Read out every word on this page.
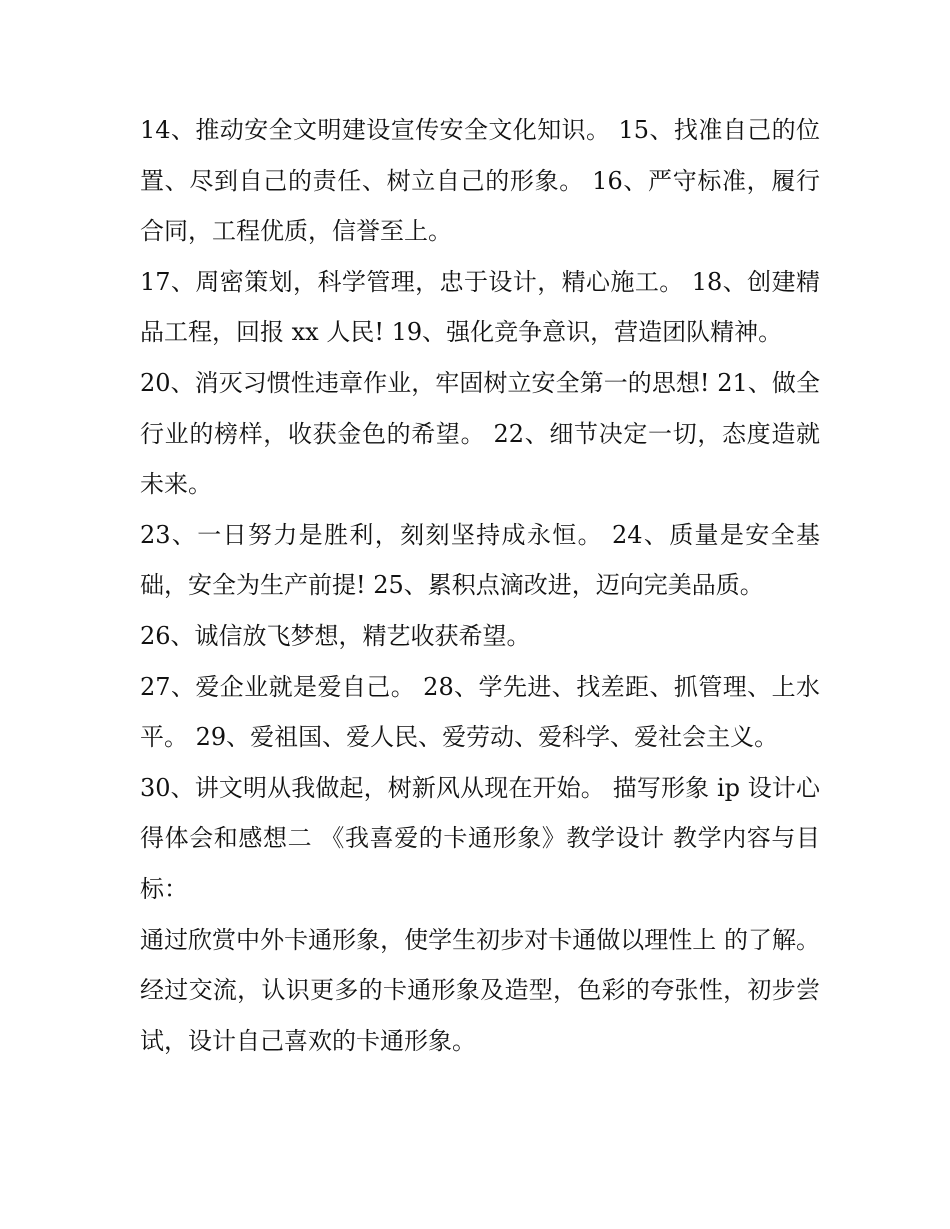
14、推动安全文明建设宣传安全文化知识。 15、找准自己的位置、尽到自己的责任、树立自己的形象。 16、严守标准，履行合同，工程优质，信誉至上。

17、周密策划，科学管理，忠于设计，精心施工。 18、创建精品工程，回报 xx 人民! 19、强化竞争意识，营造团队精神。

20、消灭习惯性违章作业，牢固树立安全第一的思想! 21、做全行业的榜样，收获金色的希望。 22、细节决定一切，态度造就未来。

23、一日努力是胜利，刻刻坚持成永恒。 24、质量是安全基础，安全为生产前提! 25、累积点滴改进，迈向完美品质。

26、诚信放飞梦想，精艺收获希望。

27、爱企业就是爱自己。 28、学先进、找差距、抓管理、上水平。 29、爱祖国、爱人民、爱劳动、爱科学、爱社会主义。

30、讲文明从我做起，树新风从现在开始。 描写形象 ip 设计心得体会和感想二 《我喜爱的卡通形象》教学设计 教学内容与目标：

通过欣赏中外卡通形象，使学生初步对卡通做以理性上 的了解。经过交流，认识更多的卡通形象及造型，色彩的夸张性，初步尝试，设计自己喜欢的卡通形象。
